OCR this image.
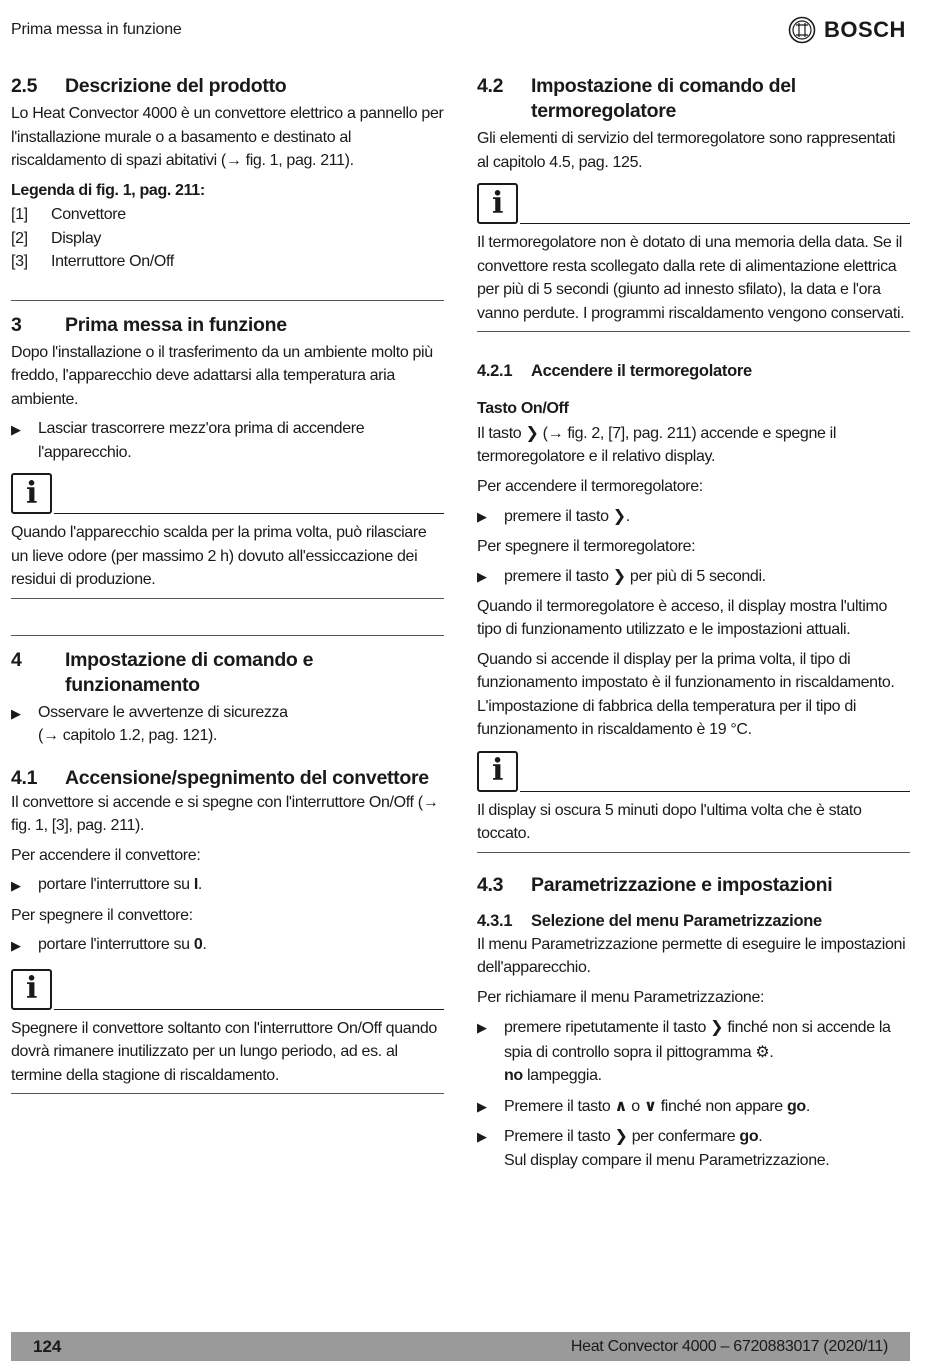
Prima messa in funzione	BOSCH
2.5	Descrizione del prodotto

Lo Heat Convector 4000 è un convettore elettrico a pannello per l'installazione murale o a basamento e destinato al riscaldamento di spazi abitativi (→ fig. 1, pag. 211).

Legenda di fig. 1, pag. 211:
[1]	Convettore
[2]	Display
[3]	Interruttore On/Off
3	Prima messa in funzione

Dopo l'installazione o il trasferimento da un ambiente molto più freddo, l'apparecchio deve adattarsi alla temperatura aria ambiente.

▶	Lasciar trascorrere mezz'ora prima di accendere l'apparecchio.
i
Quando l'apparecchio scalda per la prima volta, può rilasciare un lieve odore (per massimo 2 h) dovuto all'essiccazione dei residui di produzione.
4	Impostazione di comando e
funzionamento
▶	Osservare le avvertenze di sicurezza
(→ capitolo 1.2, pag. 121).
4.1	Accensione/spegnimento del convettore

Il convettore si accende e si spegne con l'interruttore On/Off (→ fig. 1, [3], pag. 211).

Per accendere il convettore:

▶	portare l'interruttore su I.

Per spegnere il convettore:

▶	portare l'interruttore su 0.
i
Spegnere il convettore soltanto con l'interruttore On/Off quando dovrà rimanere inutilizzato per un lungo periodo, ad es. al termine della stagione di riscaldamento.
4.2	Impostazione di comando del
termoregolatore

Gli elementi di servizio del termoregolatore sono rappresentati al capitolo 4.5, pag. 125.

i
Il termoregolatore non è dotato di una memoria della data. Se il convettore resta scollegato dalla rete di alimentazione elettrica per più di 5 secondi (giunto ad innesto sfilato), la data e l'ora vanno perdute. I programmi riscaldamento vengono conservati.
4.2.1	Accendere il termoregolatore
Tasto On/Off

Il tasto ❯ (→ fig. 2, [7], pag. 211) accende e spegne il termoregolatore e il relativo display.

Per accendere il termoregolatore:

▶	premere il tasto ❯.

Per spegnere il termoregolatore:

▶	premere il tasto ❯ per più di 5 secondi.

Quando il termoregolatore è acceso, il display mostra l'ultimo tipo di funzionamento utilizzato e le impostazioni attuali.

Quando si accende il display per la prima volta, il tipo di funzionamento impostato è il funzionamento in riscaldamento. L'impostazione di fabbrica della temperatura per il tipo di funzionamento in riscaldamento è 19 °C.

i
Il display si oscura 5 minuti dopo l'ultima volta che è stato toccato.
4.3	Parametrizzazione e impostazioni
4.3.1	Selezione del menu Parametrizzazione

Il menu Parametrizzazione permette di eseguire le impostazioni dell'apparecchio.

Per richiamare il menu Parametrizzazione:

▶	premere ripetutamente il tasto ❯ finché non si accende la spia di controllo sopra il pittogramma ⚙.
no lampeggia.
▶	Premere il tasto ∧ o ∨ finché non appare go.
▶	Premere il tasto ❯ per confermare go.
Sul display compare il menu Parametrizzazione.
124	Heat Convector 4000 – 6720883017 (2020/11)
